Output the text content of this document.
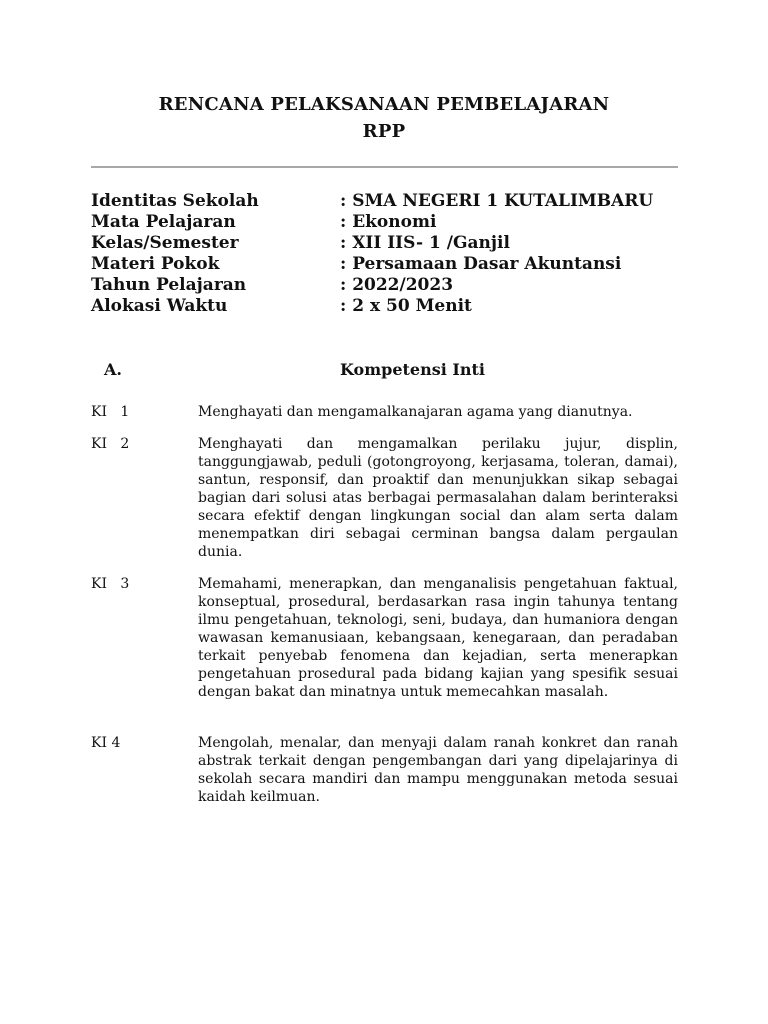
RENCANA PELAKSANAAN PEMBELAJARAN
RPP
Identitas Sekolah	: SMA NEGERI 1 KUTALIMBARU
Mata Pelajaran	: Ekonomi
Kelas/Semester	: XII IIS- 1 /Ganjil
Materi Pokok	: Persamaan Dasar Akuntansi
Tahun Pelajaran	: 2022/2023
Alokasi Waktu	: 2 x 50 Menit
A.	Kompetensi Inti
KI   1	Menghayati dan mengamalkanajaran agama yang dianutnya.
KI   2	Menghayati dan mengamalkan perilaku jujur, displin, tanggungjawab, peduli (gotongroyong, kerjasama, toleran, damai), santun, responsif, dan proaktif dan menunjukkan sikap sebagai bagian dari solusi atas berbagai permasalahan dalam berinteraksi secara efektif dengan lingkungan social dan alam serta dalam menempatkan diri sebagai cerminan bangsa dalam pergaulan dunia.
KI   3	Memahami, menerapkan, dan menganalisis pengetahuan faktual, konseptual, prosedural, berdasarkan rasa ingin tahunya tentang ilmu pengetahuan, teknologi, seni, budaya, dan humaniora dengan wawasan kemanusiaan, kebangsaan, kenegaraan, dan peradaban terkait penyebab fenomena dan kejadian, serta menerapkan pengetahuan prosedural pada bidang kajian yang spesifik sesuai dengan bakat dan minatnya untuk memecahkan masalah.
KI 4	Mengolah, menalar, dan menyaji dalam ranah konkret dan ranah abstrak terkait dengan pengembangan dari yang dipelajarinya di sekolah secara mandiri dan mampu menggunakan metoda sesuai kaidah keilmuan.
